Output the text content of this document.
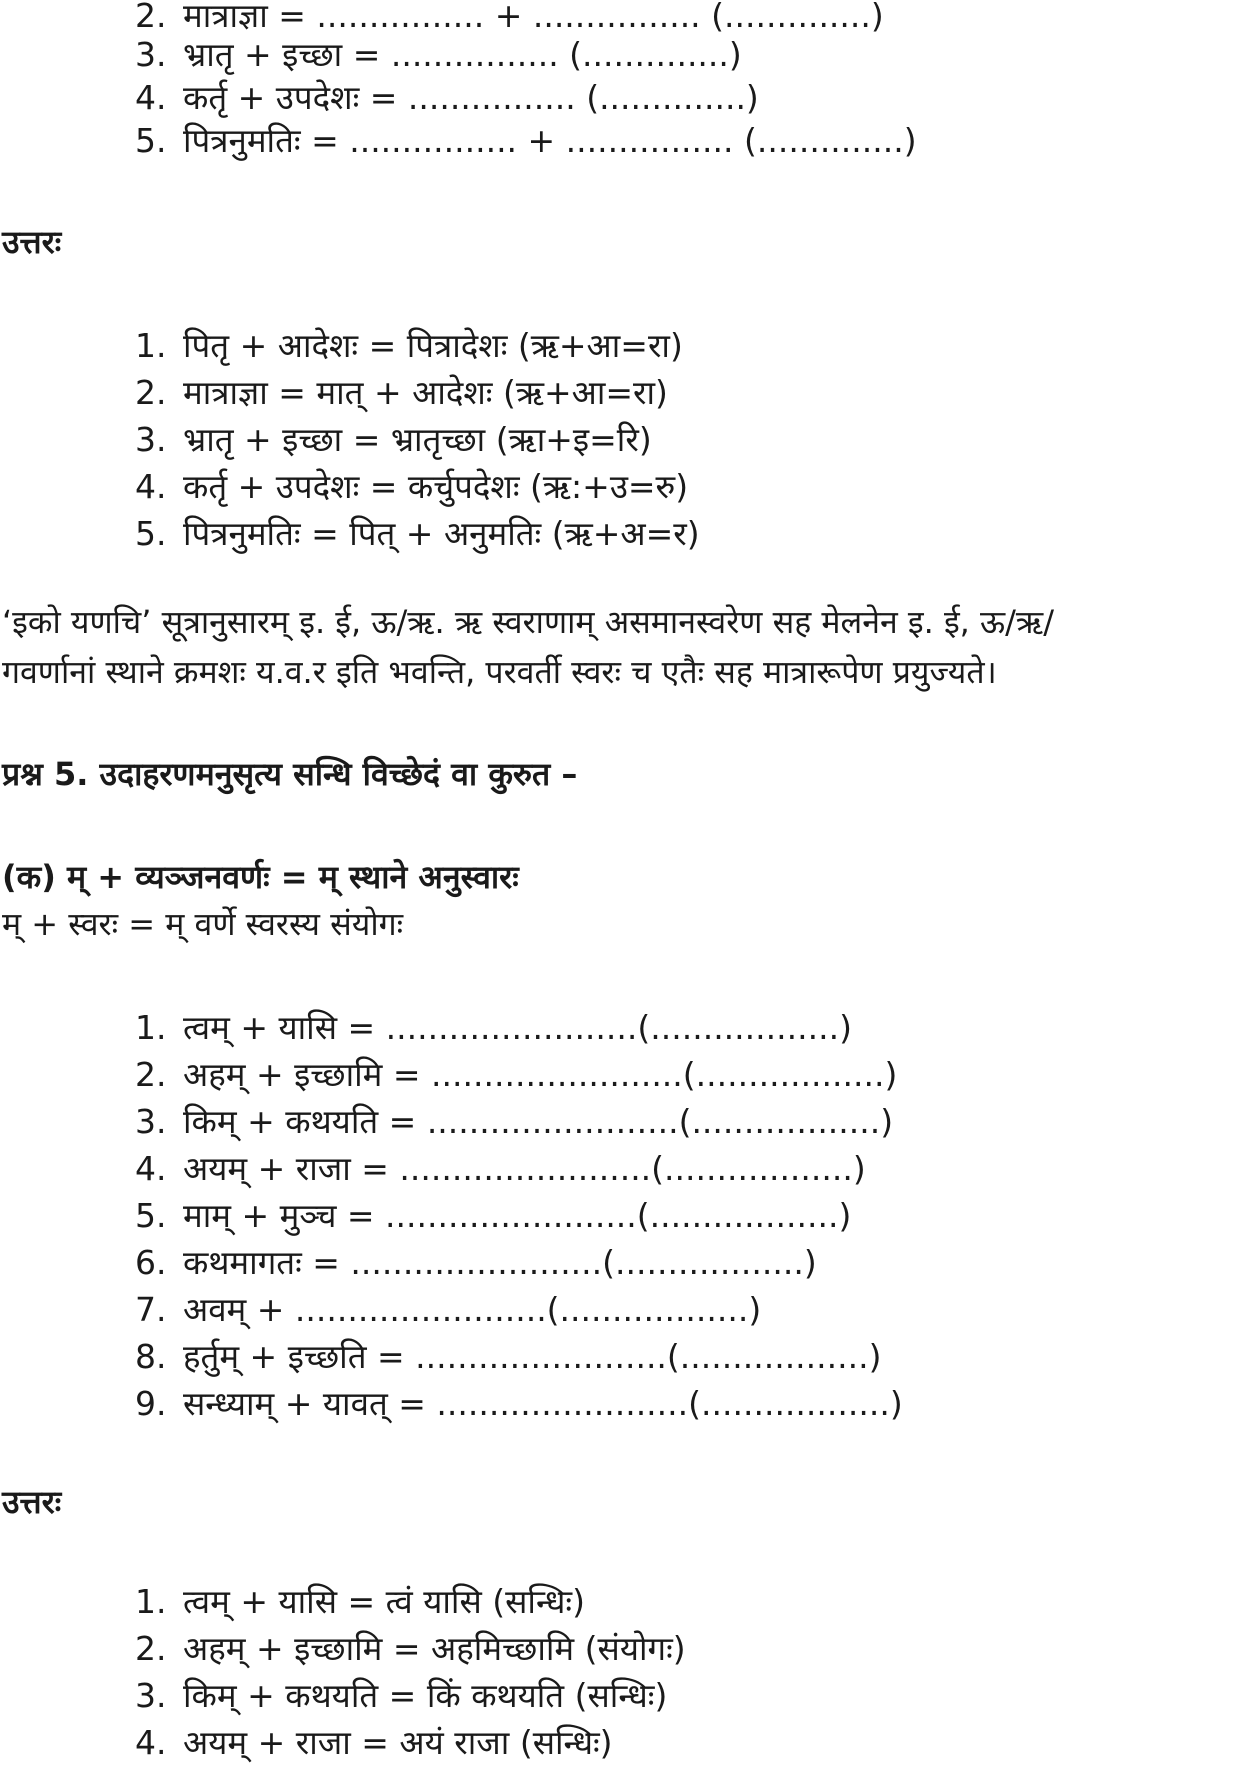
2. मात्राज्ञा = ................ + ................ (..............)
3. भ्रातृ + इच्छा = ................ (..............)
4. कर्तृ + उपदेशः = ................ (..............)
5. पित्रनुमतिः = ................ + ................ (..............)
उत्तरः
1. पितृ + आदेशः = पित्रादेशः (ऋ+आ=रा)
2. मात्राज्ञा = मात् + आदेशः (ऋ+आ=रा)
3. भ्रातृ + इच्छा = भ्रातृच्छा (ऋा+इ=रि)
4. कर्तृ + उपदेशः = कर्चुपदेशः (ऋ:+उ=रु)
5. पित्रनुमतिः = पित् + अनुमतिः (ऋ+अ=र)
‘इको यणचि’ सूत्रानुसारम् इ. ई, ऊ/ऋ. ऋ स्वराणाम् असमानस्वरेण सह मेलनेन इ. ई, ऊ/ऋ/
गवर्णानां स्थाने क्रमशः य.व.र इति भवन्ति, परवर्ती स्वरः च एतैः सह मात्रारूपेण प्रयुज्यते।
प्रश्न 5. उदाहरणमनुसृत्य सन्धि विच्छेदं वा कुरुत –
(क) म् + व्यञ्जनवर्णः = म् स्थाने अनुस्वारः
म् + स्वरः = म् वर्णे स्वरस्य संयोगः
1. त्वम् + यासि = ........................(..................)
2. अहम् + इच्छामि = ........................(..................)
3. किम् + कथयति = ........................(..................)
4. अयम् + राजा = ........................(..................)
5. माम् + मुञ्च = ........................(..................)
6. कथमागतः = ........................(..................)
7. अवम् + ........................(..................)
8. हर्तुम् + इच्छति = ........................(..................)
9. सन्ध्याम् + यावत् = ........................(..................)
उत्तरः
1. त्वम् + यासि = त्वं यासि (सन्धिः)
2. अहम् + इच्छामि = अहमिच्छामि (संयोगः)
3. किम् + कथयति = किं कथयति (सन्धिः)
4. अयम् + राजा = अयं राजा (सन्धिः)
